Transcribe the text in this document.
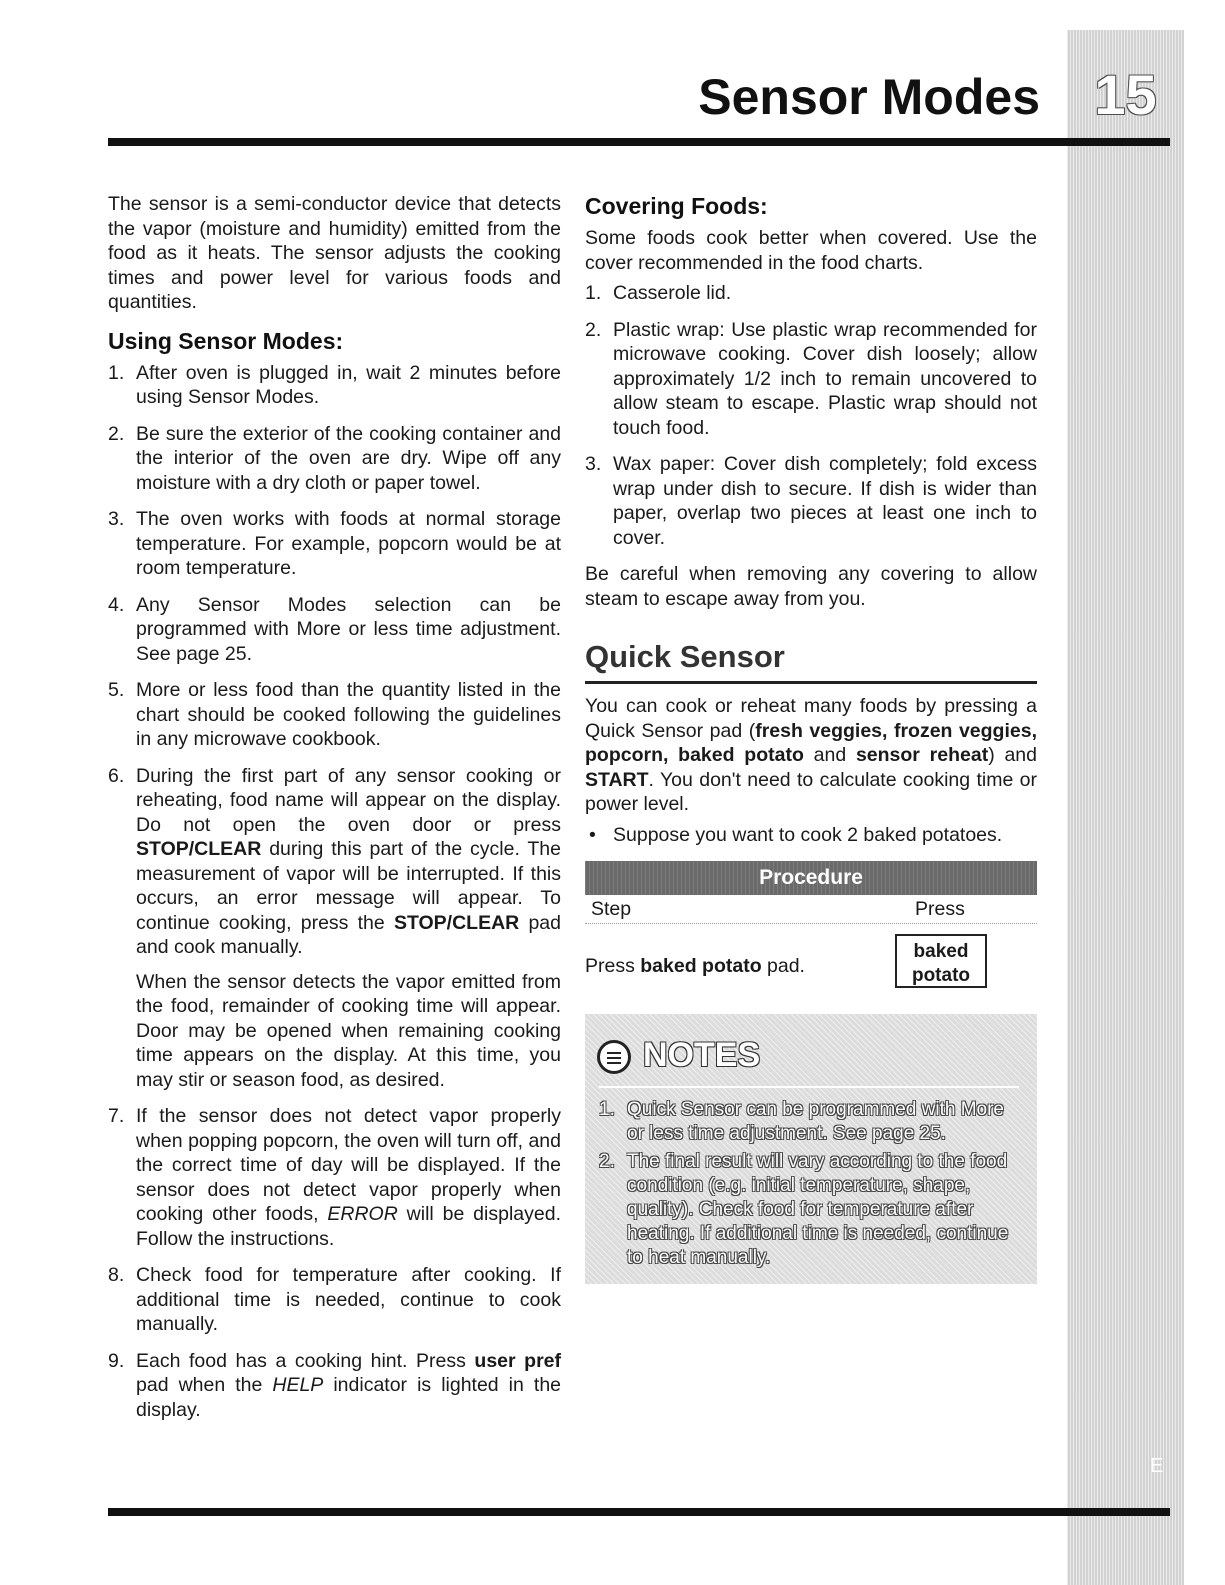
15
E
Sensor Modes

The sensor is a semi-conductor device that detects the vapor (moisture and humidity) emitted from the food as it heats. The sensor adjusts the cooking times and power level for various foods and quantities.

Using Sensor Modes:
1. After oven is plugged in, wait 2 minutes before using Sensor Modes.
2. Be sure the exterior of the cooking container and the interior of the oven are dry. Wipe off any moisture with a dry cloth or paper towel.
3. The oven works with foods at normal storage temperature. For example, popcorn would be at room temperature.
4. Any Sensor Modes selection can be programmed with More or less time adjustment. See page 25.
5. More or less food than the quantity listed in the chart should be cooked following the guidelines in any microwave cookbook.
6. During the first part of any sensor cooking or reheating, food name will appear on the display. Do not open the oven door or press STOP/CLEAR during this part of the cycle. The measurement of vapor will be interrupted. If this occurs, an error message will appear. To continue cooking, press the STOP/CLEAR pad and cook manually.

When the sensor detects the vapor emitted from the food, remainder of cooking time will appear. Door may be opened when remaining cooking time appears on the display. At this time, you may stir or season food, as desired.

7. If the sensor does not detect vapor properly when popping popcorn, the oven will turn off, and the correct time of day will be displayed. If the sensor does not detect vapor properly when cooking other foods, ERROR will be displayed. Follow the instructions.
8. Check food for temperature after cooking. If additional time is needed, continue to cook manually.
9. Each food has a cooking hint. Press user pref pad when the HELP indicator is lighted in the display.
Covering Foods:

Some foods cook better when covered. Use the cover recommended in the food charts.

1. Casserole lid.
2. Plastic wrap: Use plastic wrap recommended for microwave cooking. Cover dish loosely; allow approximately 1/2 inch to remain uncovered to allow steam to escape. Plastic wrap should not touch food.
3. Wax paper: Cover dish completely; fold excess wrap under dish to secure. If dish is wider than paper, overlap two pieces at least one inch to cover.

Be careful when removing any covering to allow steam to escape away from you.

Quick Sensor

You can cook or reheat many foods by pressing a Quick Sensor pad (fresh veggies, frozen veggies, popcorn, baked potato and sensor reheat) and START. You don't need to calculate cooking time or power level.

• Suppose you want to cook 2 baked potatoes.
Procedure
Step	Press
Press baked potato pad.
baked
potato
NOTES
1. Quick Sensor can be programmed with More or less time adjustment. See page 25.
2. The final result will vary according to the food condition (e.g. initial temperature, shape, quality). Check food for temperature after heating. If additional time is needed, continue to heat manually.
